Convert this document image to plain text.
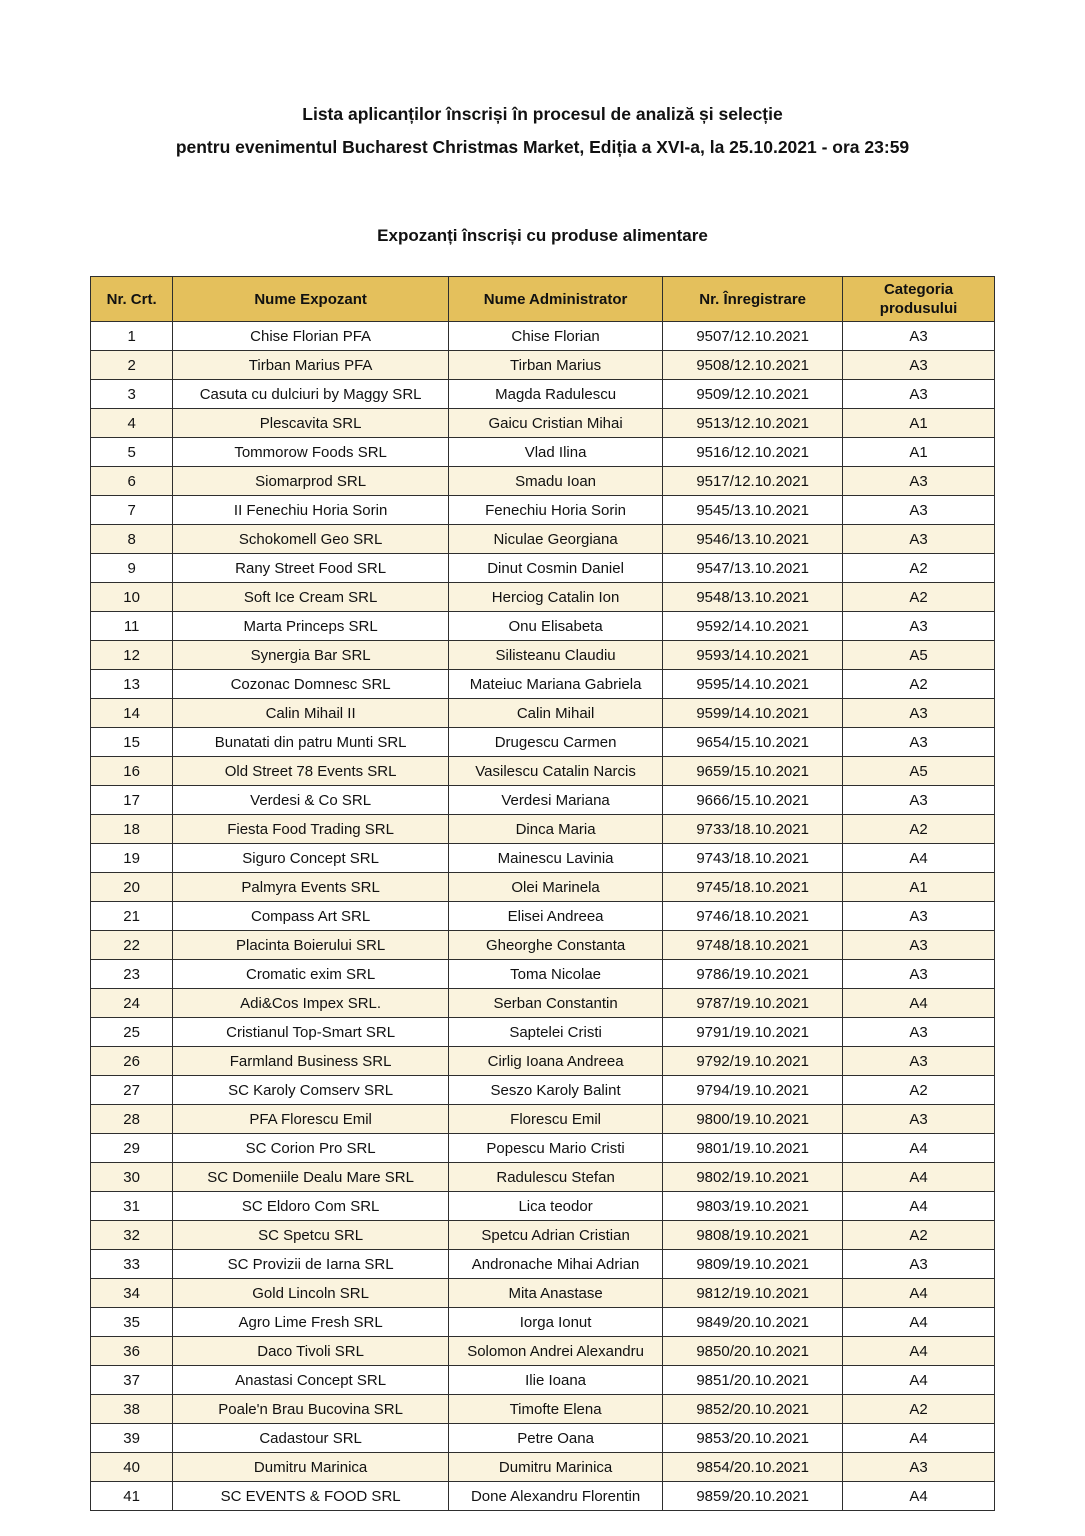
Lista aplicanților înscriși în procesul de analiză și selecție
pentru evenimentul Bucharest Christmas Market, Ediția a XVI-a, la 25.10.2021 - ora 23:59
Expozanți înscriși cu produse alimentare
Nr. Crt.	Nume Expozant	Nume Administrator	Nr. Înregistrare	Categoria produsului
1	Chise Florian PFA	Chise Florian	9507/12.10.2021	A3
2	Tirban Marius PFA	Tirban Marius	9508/12.10.2021	A3
3	Casuta cu dulciuri by Maggy SRL	Magda Radulescu	9509/12.10.2021	A3
4	Plescavita SRL	Gaicu Cristian Mihai	9513/12.10.2021	A1
5	Tommorow Foods SRL	Vlad Ilina	9516/12.10.2021	A1
6	Siomarprod SRL	Smadu Ioan	9517/12.10.2021	A3
7	II Fenechiu Horia Sorin	Fenechiu Horia Sorin	9545/13.10.2021	A3
8	Schokomell Geo SRL	Niculae Georgiana	9546/13.10.2021	A3
9	Rany Street Food SRL	Dinut Cosmin Daniel	9547/13.10.2021	A2
10	Soft Ice Cream SRL	Herciog Catalin Ion	9548/13.10.2021	A2
11	Marta Princeps SRL	Onu Elisabeta	9592/14.10.2021	A3
12	Synergia Bar SRL	Silisteanu Claudiu	9593/14.10.2021	A5
13	Cozonac Domnesc SRL	Mateiuc Mariana Gabriela	9595/14.10.2021	A2
14	Calin Mihail II	Calin Mihail	9599/14.10.2021	A3
15	Bunatati din patru Munti SRL	Drugescu Carmen	9654/15.10.2021	A3
16	Old Street 78 Events SRL	Vasilescu Catalin Narcis	9659/15.10.2021	A5
17	Verdesi & Co SRL	Verdesi Mariana	9666/15.10.2021	A3
18	Fiesta Food Trading SRL	Dinca Maria	9733/18.10.2021	A2
19	Siguro Concept SRL	Mainescu Lavinia	9743/18.10.2021	A4
20	Palmyra Events SRL	Olei Marinela	9745/18.10.2021	A1
21	Compass Art SRL	Elisei Andreea	9746/18.10.2021	A3
22	Placinta Boierului SRL	Gheorghe Constanta	9748/18.10.2021	A3
23	Cromatic exim SRL	Toma Nicolae	9786/19.10.2021	A3
24	Adi&Cos Impex SRL.	Serban Constantin	9787/19.10.2021	A4
25	Cristianul Top-Smart SRL	Saptelei Cristi	9791/19.10.2021	A3
26	Farmland Business SRL	Cirlig Ioana Andreea	9792/19.10.2021	A3
27	SC Karoly Comserv SRL	Seszo Karoly Balint	9794/19.10.2021	A2
28	PFA Florescu Emil	Florescu Emil	9800/19.10.2021	A3
29	SC Corion Pro SRL	Popescu Mario Cristi	9801/19.10.2021	A4
30	SC Domeniile Dealu Mare SRL	Radulescu Stefan	9802/19.10.2021	A4
31	SC Eldoro Com SRL	Lica teodor	9803/19.10.2021	A4
32	SC Spetcu SRL	Spetcu Adrian Cristian	9808/19.10.2021	A2
33	SC Provizii de Iarna SRL	Andronache Mihai Adrian	9809/19.10.2021	A3
34	Gold Lincoln SRL	Mita Anastase	9812/19.10.2021	A4
35	Agro Lime Fresh SRL	Iorga Ionut	9849/20.10.2021	A4
36	Daco Tivoli SRL	Solomon Andrei Alexandru	9850/20.10.2021	A4
37	Anastasi Concept SRL	Ilie Ioana	9851/20.10.2021	A4
38	Poale'n Brau Bucovina SRL	Timofte Elena	9852/20.10.2021	A2
39	Cadastour SRL	Petre Oana	9853/20.10.2021	A4
40	Dumitru Marinica	Dumitru Marinica	9854/20.10.2021	A3
41	SC EVENTS & FOOD SRL	Done Alexandru Florentin	9859/20.10.2021	A4
